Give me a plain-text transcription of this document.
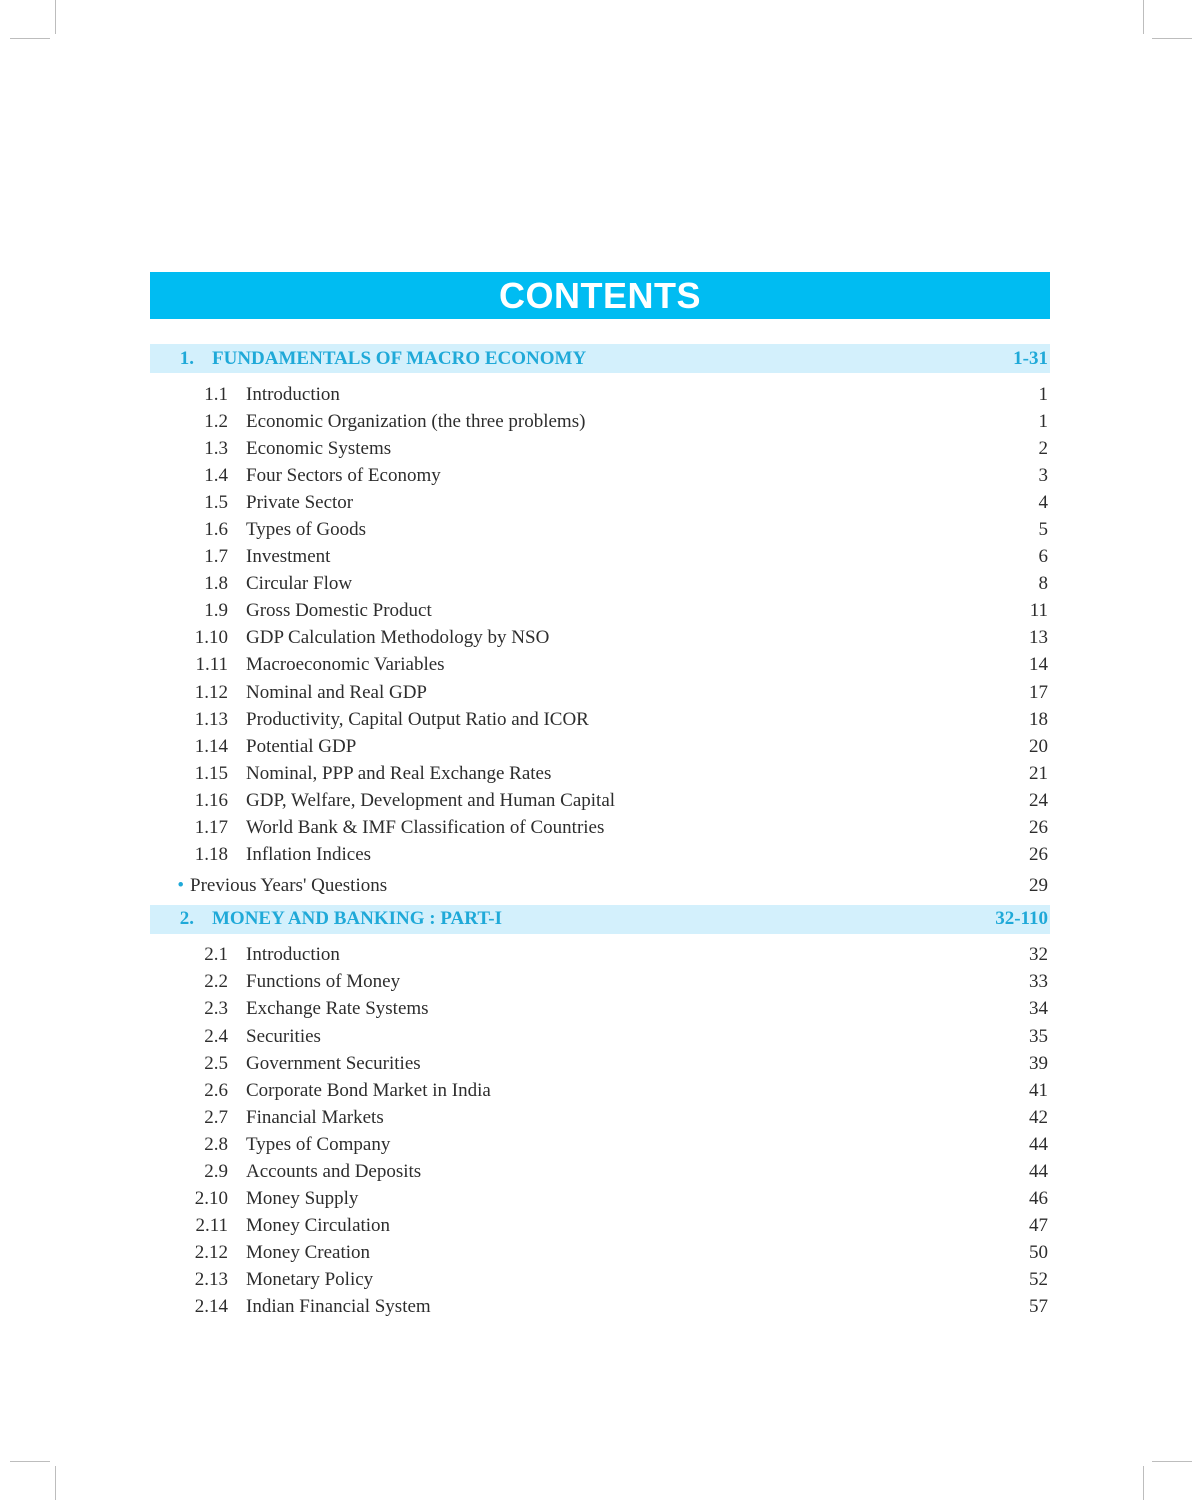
CONTENTS
1. FUNDAMENTALS OF MACRO ECONOMY	1-31
1.1 Introduction	1
1.2 Economic Organization (the three problems)	1
1.3 Economic Systems	2
1.4 Four Sectors of Economy	3
1.5 Private Sector	4
1.6 Types of Goods	5
1.7 Investment	6
1.8 Circular Flow	8
1.9 Gross Domestic Product	11
1.10 GDP Calculation Methodology by NSO	13
1.11 Macroeconomic Variables	14
1.12 Nominal and Real GDP	17
1.13 Productivity, Capital Output Ratio and ICOR	18
1.14 Potential GDP	20
1.15 Nominal, PPP and Real Exchange Rates	21
1.16 GDP, Welfare, Development and Human Capital	24
1.17 World Bank & IMF Classification of Countries	26
1.18 Inflation Indices	26
• Previous Years' Questions	29
2. MONEY AND BANKING : PART-I	32-110
2.1 Introduction	32
2.2 Functions of Money	33
2.3 Exchange Rate Systems	34
2.4 Securities	35
2.5 Government Securities	39
2.6 Corporate Bond Market in India	41
2.7 Financial Markets	42
2.8 Types of Company	44
2.9 Accounts and Deposits	44
2.10 Money Supply	46
2.11 Money Circulation	47
2.12 Money Creation	50
2.13 Monetary Policy	52
2.14 Indian Financial System	57
